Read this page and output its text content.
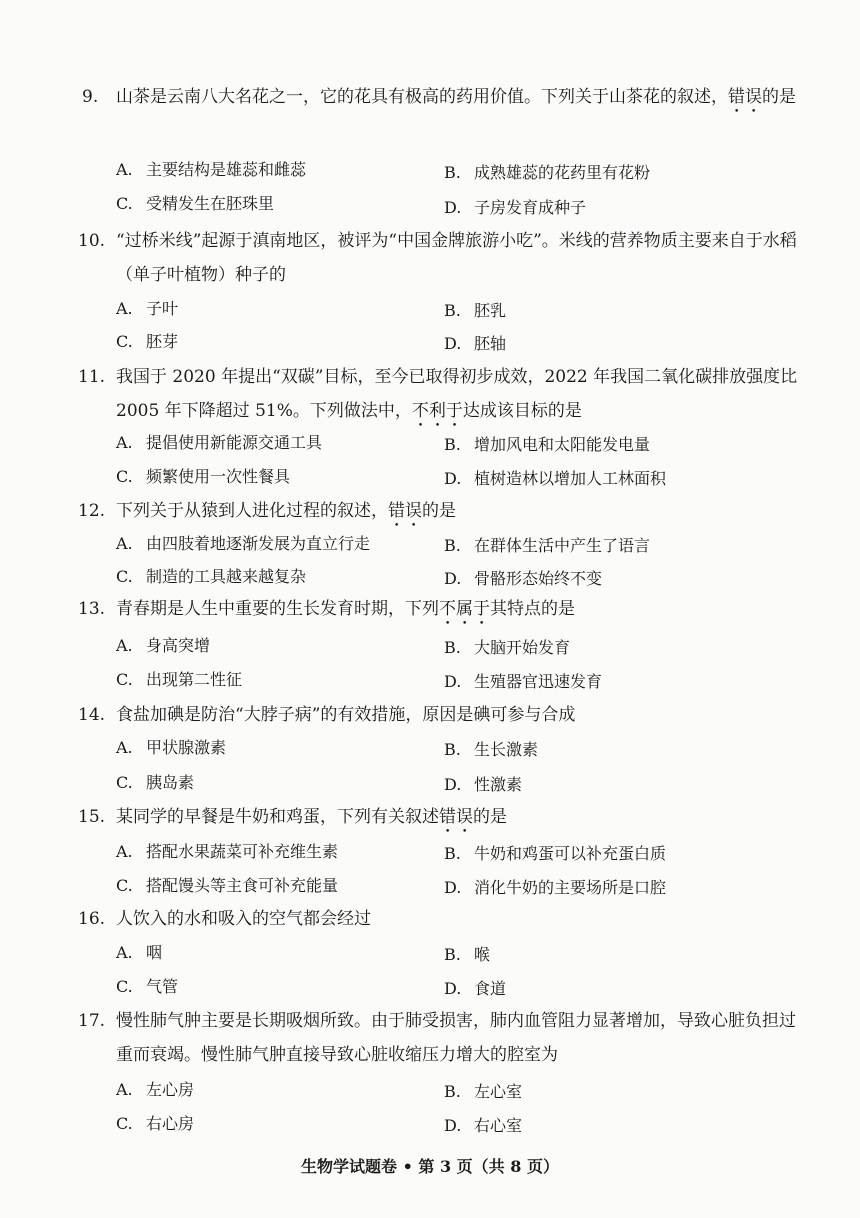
9.	山茶是云南八大名花之一，它的花具有极高的药用价值。下列关于山茶花的叙述，错误的是
A. 主要结构是雄蕊和雌蕊	B. 成熟雄蕊的花药里有花粉
C. 受精发生在胚珠里	D. 子房发育成种子
10. “过桥米线”起源于滇南地区，被评为“中国金牌旅游小吃”。米线的营养物质主要来自于水稻（单子叶植物）种子的
A. 子叶	B. 胚乳
C. 胚芽	D. 胚轴
11. 我国于 2020 年提出“双碳”目标，至今已取得初步成效，2022 年我国二氧化碳排放强度比 2005 年下降超过 51%。下列做法中，不利于达成该目标的是
A. 提倡使用新能源交通工具	B. 增加风电和太阳能发电量
C. 频繁使用一次性餐具	D. 植树造林以增加人工林面积
12. 下列关于从猿到人进化过程的叙述，错误的是
A. 由四肢着地逐渐发展为直立行走	B. 在群体生活中产生了语言
C. 制造的工具越来越复杂	D. 骨骼形态始终不变
13. 青春期是人生中重要的生长发育时期，下列不属于其特点的是
A. 身高突增	B. 大脑开始发育
C. 出现第二性征	D. 生殖器官迅速发育
14. 食盐加碘是防治“大脖子病”的有效措施，原因是碘可参与合成
A. 甲状腺激素	B. 生长激素
C. 胰岛素	D. 性激素
15. 某同学的早餐是牛奶和鸡蛋，下列有关叙述错误的是
A. 搭配水果蔬菜可补充维生素	B. 牛奶和鸡蛋可以补充蛋白质
C. 搭配馒头等主食可补充能量	D. 消化牛奶的主要场所是口腔
16. 人饮入的水和吸入的空气都会经过
A. 咽	B. 喉
C. 气管	D. 食道
17. 慢性肺气肿主要是长期吸烟所致。由于肺受损害，肺内血管阻力显著增加，导致心脏负担过重而衰竭。慢性肺气肿直接导致心脏收缩压力增大的腔室为
A. 左心房	B. 左心室
C. 右心房	D. 右心室
生物学试题卷 • 第 3 页（共 8 页）
